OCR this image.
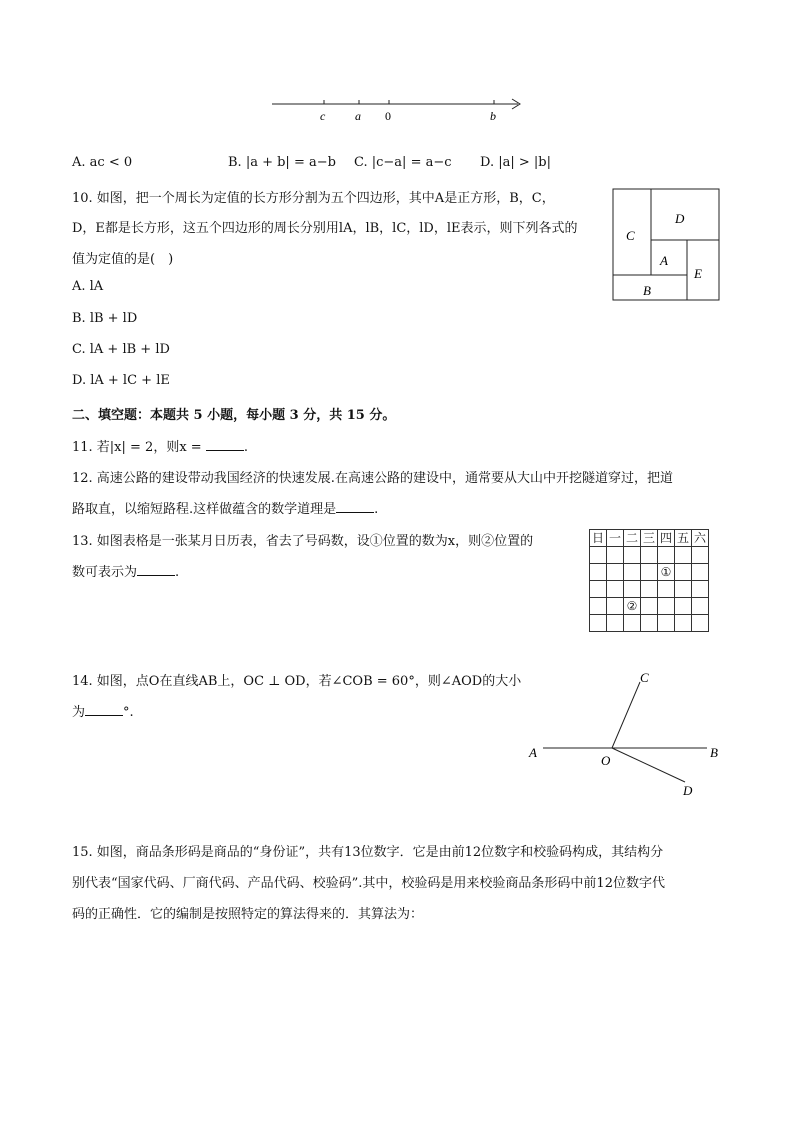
c a 0	b
A. ac < 0	B. |a + b| = a−b C. |c−a| = a−c D. |a| > |b|
10. 如图，把一个周长为定值的长方形分割为五个四边形，其中A是正方形，B，C，
D，E都是长方形，这五个四边形的周长分别用lA，lB，lC，lD，lE表示，则下列各式的
值为定值的是(　)
A. lA
B. lB + lD
C. lA + lB + lD
D. lA + lC + lE
C
D
A
E
B
二、填空题：本题共 5 小题，每小题 3 分，共 15 分。
11. 若|x| = 2，则x =	.
12. 高速公路的建设带动我国经济的快速发展.在高速公路的建设中，通常要从大山中开挖隧道穿过，把道
路取直，以缩短路程.这样做蕴含的数学道理是	.
13. 如图表格是一张某月日历表，省去了号码数，设①位置的数为x，则②位置的
数可表示为	.
日	一	二	三	四	五	六

				①		

		②				

14. 如图，点O在直线AB上，OC ⊥ OD，若∠COB = 60°，则∠AOD的大小
为	°.
C
A
O
B
D
15. 如图，商品条形码是商品的“身份证”，共有13位数字．它是由前12位数字和校验码构成，其结构分
别代表“国家代码、厂商代码、产品代码、校验码”.其中，校验码是用来校验商品条形码中前12位数字代
码的正确性．它的编制是按照特定的算法得来的．其算法为：
